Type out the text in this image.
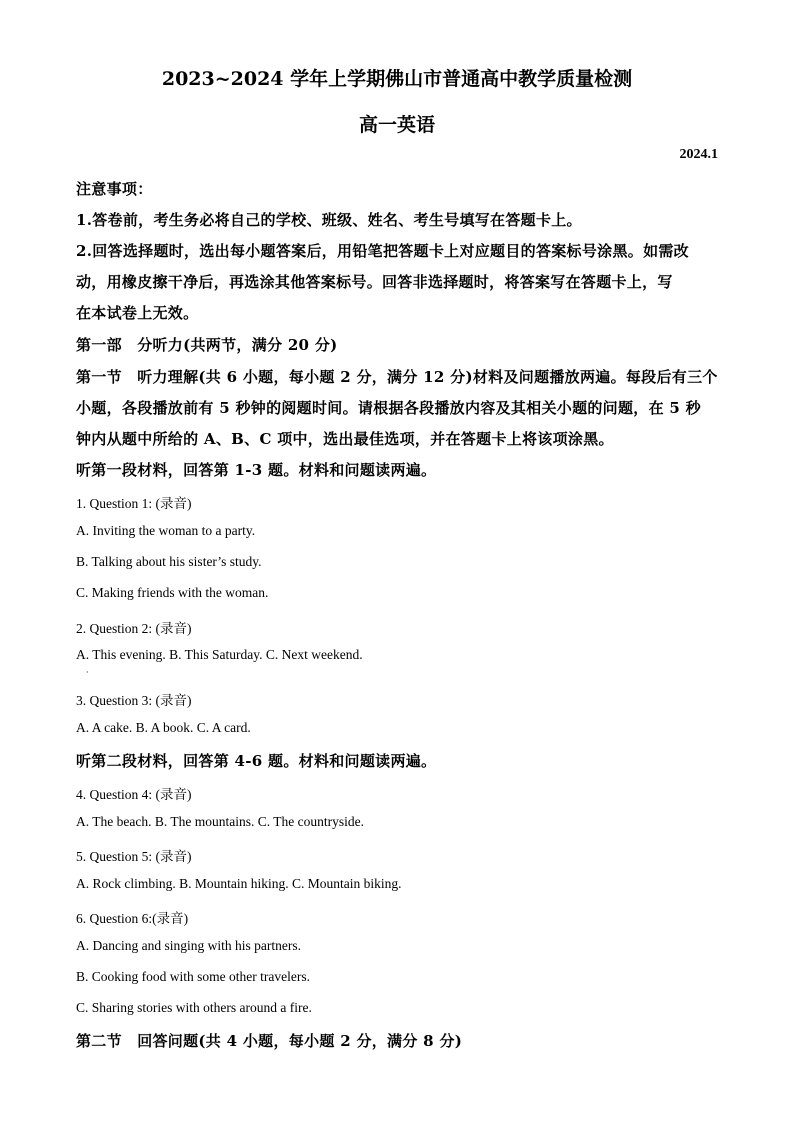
2023~2024 学年上学期佛山市普通高中教学质量检测
高一英语
2024.1
注意事项：
1.答卷前，考生务必将自己的学校、班级、姓名、考生号填写在答题卡上。
2.回答选择题时，选出每小题答案后，用铅笔把答题卡上对应题目的答案标号涂黑。如需改
动，用橡皮擦干净后，再选涂其他答案标号。回答非选择题时，将答案写在答题卡上，写
在本试卷上无效。
第一部　分听力(共两节，满分 20 分)
第一节　听力理解(共 6 小题，每小题 2 分，满分 12 分)材料及问题播放两遍。每段后有三个
小题，各段播放前有 5 秒钟的阅题时间。请根据各段播放内容及其相关小题的问题，在 5 秒
钟内从题中所给的 A、B、C 项中，选出最佳选项，并在答题卡上将该项涂黑。
听第一段材料，回答第 1-3 题。材料和问题读两遍。
1. Question 1: (录音)
A. Inviting the woman to a party.
B. Talking about his sister’s study.
C. Making friends with the woman.
2. Question 2: (录音)
A. This evening. B. This Saturday. C. Next weekend.
·
3. Question 3: (录音)
A. A cake. B. A book. C. A card.
听第二段材料，回答第 4-6 题。材料和问题读两遍。
4. Question 4: (录音)
A. The beach. B. The mountains. C. The countryside.
5. Question 5: (录音)
A. Rock climbing. B. Mountain hiking. C. Mountain biking.
6. Question 6:(录音)
A. Dancing and singing with his partners.
B. Cooking food with some other travelers.
C. Sharing stories with others around a fire.
第二节　回答问题(共 4 小题，每小题 2 分，满分 8 分)
